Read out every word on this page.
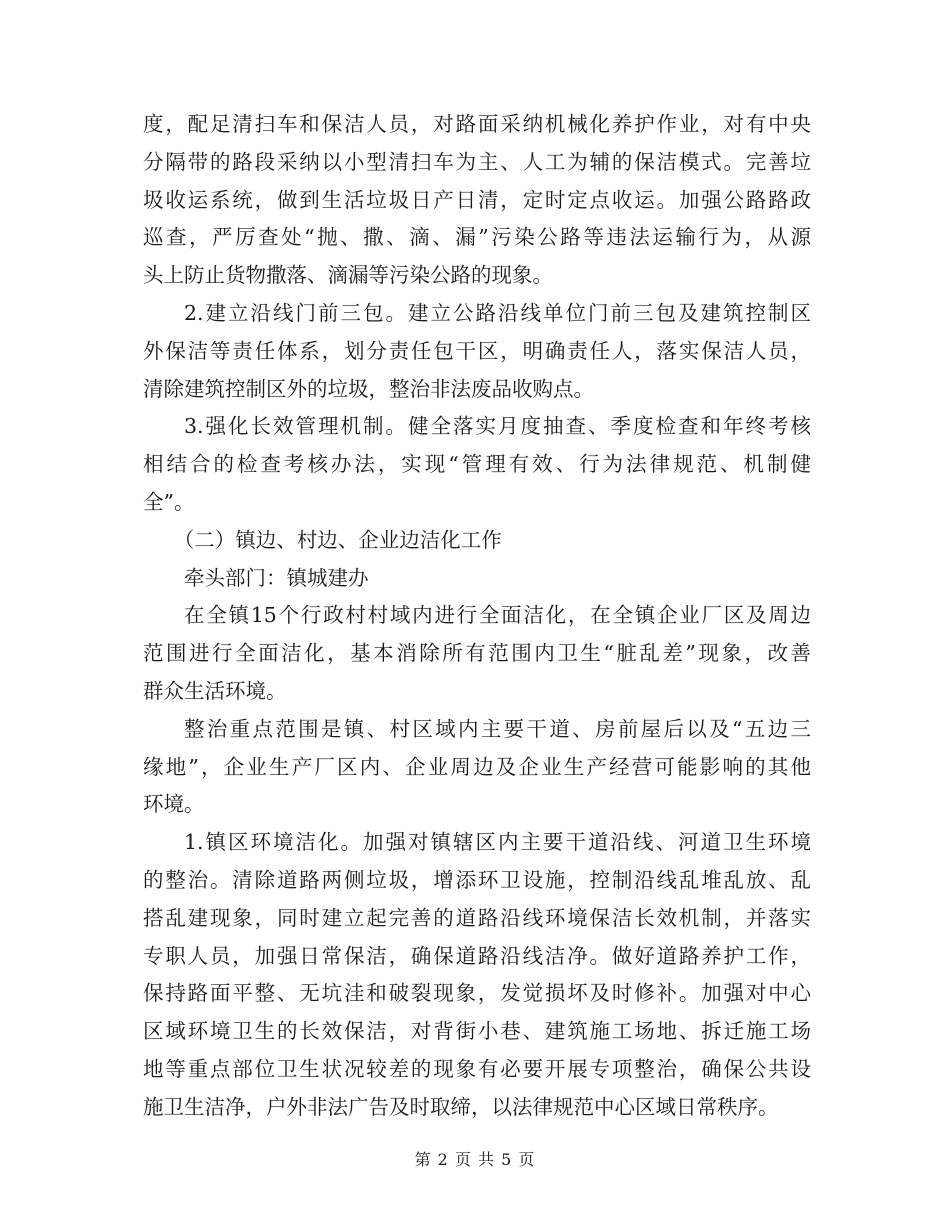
度，配足清扫车和保洁人员，对路面采纳机械化养护作业，对有中央
分隔带的路段采纳以小型清扫车为主、人工为辅的保洁模式。完善垃
圾收运系统，做到生活垃圾日产日清，定时定点收运。加强公路路政
巡查，严厉查处“抛、撒、滴、漏”污染公路等违法运输行为，从源
头上防止货物撒落、滴漏等污染公路的现象。
2.建立沿线门前三包。建立公路沿线单位门前三包及建筑控制区
外保洁等责任体系，划分责任包干区，明确责任人，落实保洁人员，
清除建筑控制区外的垃圾，整治非法废品收购点。
3.强化长效管理机制。健全落实月度抽查、季度检查和年终考核
相结合的检查考核办法，实现“管理有效、行为法律规范、机制健
全”。
（二）镇边、村边、企业边洁化工作
牵头部门：镇城建办
在全镇15个行政村村域内进行全面洁化，在全镇企业厂区及周边
范围进行全面洁化，基本消除所有范围内卫生“脏乱差”现象，改善
群众生活环境。
整治重点范围是镇、村区域内主要干道、房前屋后以及“五边三
缘地”，企业生产厂区内、企业周边及企业生产经营可能影响的其他
环境。
1.镇区环境洁化。加强对镇辖区内主要干道沿线、河道卫生环境
的整治。清除道路两侧垃圾，增添环卫设施，控制沿线乱堆乱放、乱
搭乱建现象，同时建立起完善的道路沿线环境保洁长效机制，并落实
专职人员，加强日常保洁，确保道路沿线洁净。做好道路养护工作，
保持路面平整、无坑洼和破裂现象，发觉损坏及时修补。加强对中心
区域环境卫生的长效保洁，对背街小巷、建筑施工场地、拆迁施工场
地等重点部位卫生状况较差的现象有必要开展专项整治，确保公共设
施卫生洁净，户外非法广告及时取缔，以法律规范中心区域日常秩序。
第 2 页 共 5 页
